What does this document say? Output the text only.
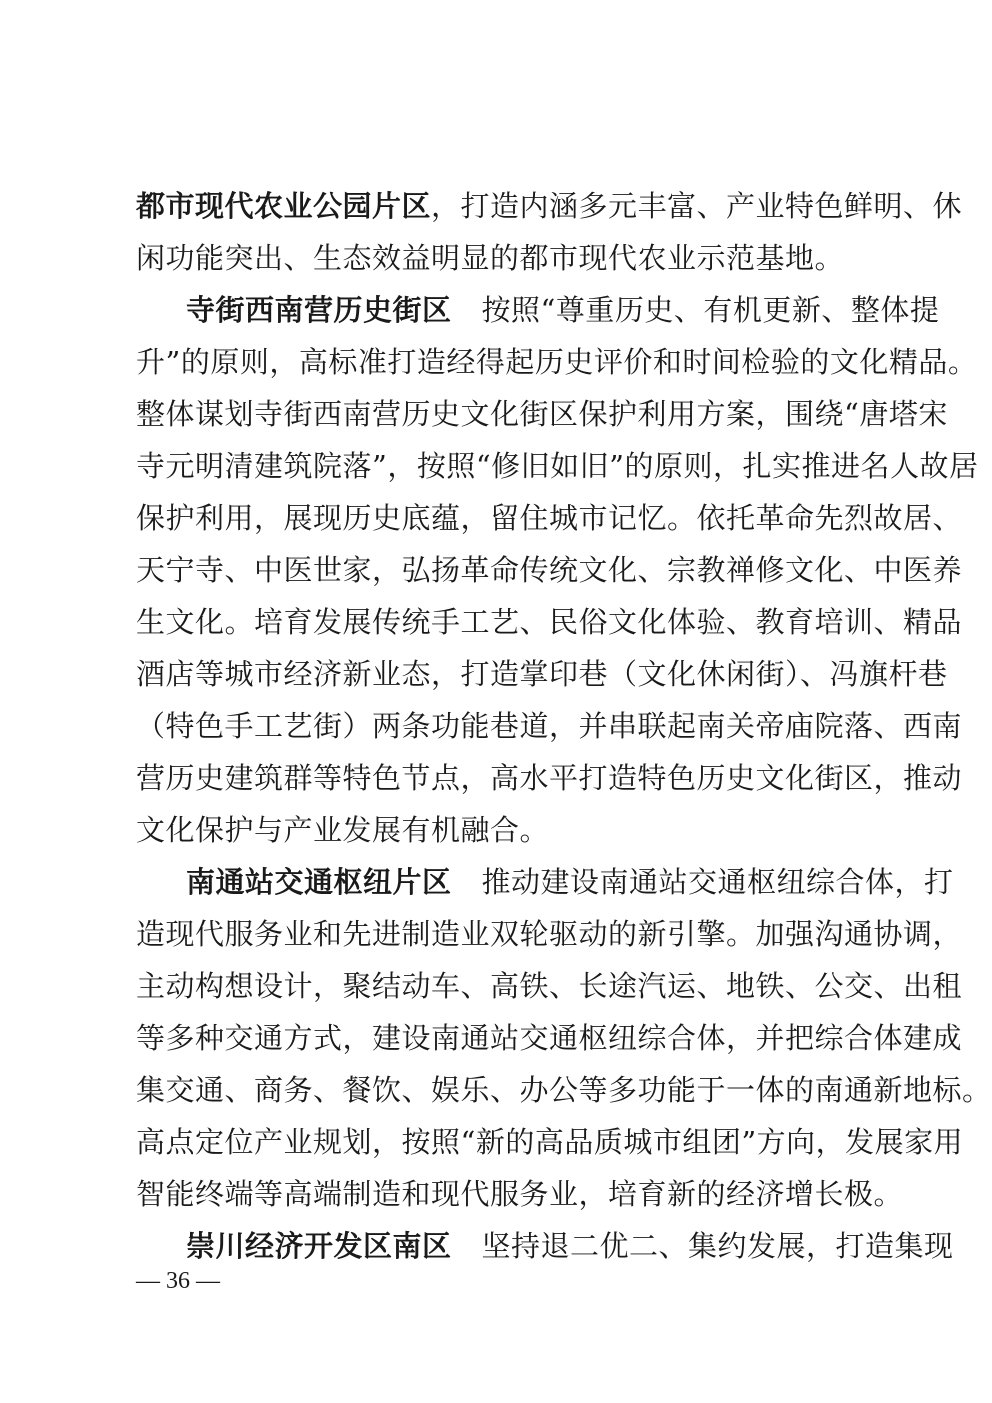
都市现代农业公园片区，打造内涵多元丰富、产业特色鲜明、休
闲功能突出、生态效益明显的都市现代农业示范基地。
寺街西南营历史街区 按照“尊重历史、有机更新、整体提
升”的原则，高标准打造经得起历史评价和时间检验的文化精品。
整体谋划寺街西南营历史文化街区保护利用方案，围绕“唐塔宋
寺元明清建筑院落”，按照“修旧如旧”的原则，扎实推进名人故居
保护利用，展现历史底蕴，留住城市记忆。依托革命先烈故居、
天宁寺、中医世家，弘扬革命传统文化、宗教禅修文化、中医养
生文化。培育发展传统手工艺、民俗文化体验、教育培训、精品
酒店等城市经济新业态，打造掌印巷（文化休闲街）、冯旗杆巷
（特色手工艺街）两条功能巷道，并串联起南关帝庙院落、西南
营历史建筑群等特色节点，高水平打造特色历史文化街区，推动
文化保护与产业发展有机融合。
南通站交通枢纽片区 推动建设南通站交通枢纽综合体，打
造现代服务业和先进制造业双轮驱动的新引擎。加强沟通协调，
主动构想设计，聚结动车、高铁、长途汽运、地铁、公交、出租
等多种交通方式，建设南通站交通枢纽综合体，并把综合体建成
集交通、商务、餐饮、娱乐、办公等多功能于一体的南通新地标。
高点定位产业规划，按照“新的高品质城市组团”方向，发展家用
智能终端等高端制造和现代服务业，培育新的经济增长极。
崇川经济开发区南区 坚持退二优二、集约发展，打造集现
— 36 —
